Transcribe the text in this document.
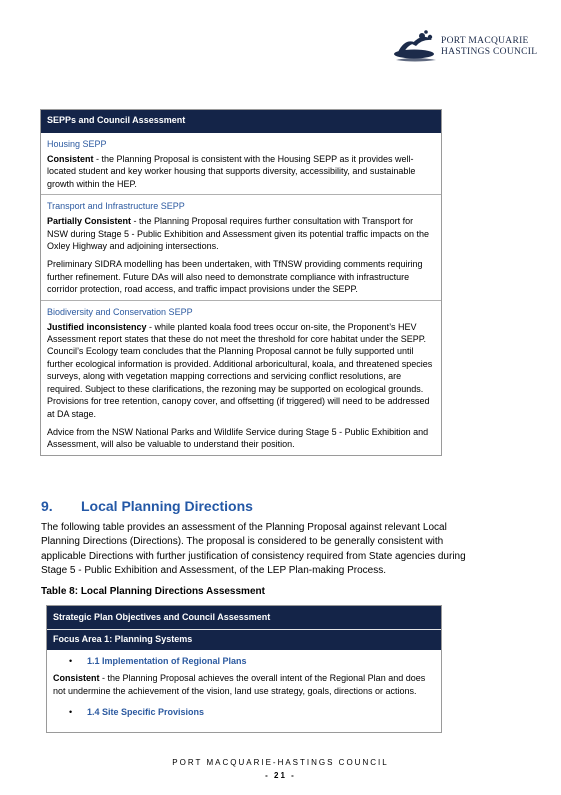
PORT MACQUARIE
HASTINGS COUNCIL
SEPPs and Council Assessment
Housing SEPP
Consistent - the Planning Proposal is consistent with the Housing SEPP as it provides well-located student and key worker housing that supports diversity, accessibility, and sustainable growth within the HEP.
Transport and Infrastructure SEPP
Partially Consistent - the Planning Proposal requires further consultation with Transport for NSW during Stage 5 - Public Exhibition and Assessment given its potential traffic impacts on the Oxley Highway and adjoining intersections.
Preliminary SIDRA modelling has been undertaken, with TfNSW providing comments requiring further refinement. Future DAs will also need to demonstrate compliance with infrastructure corridor protection, road access, and traffic impact provisions under the SEPP.
Biodiversity and Conservation SEPP
Justified inconsistency - while planted koala food trees occur on-site, the Proponent’s HEV Assessment report states that these do not meet the threshold for core habitat under the SEPP. Council’s Ecology team concludes that the Planning Proposal cannot be fully supported until further ecological information is provided. Additional arboricultural, koala, and threatened species surveys, along with vegetation mapping corrections and servicing conflict resolutions, are required. Subject to these clarifications, the rezoning may be supported on ecological grounds. Provisions for tree retention, canopy cover, and offsetting (if triggered) will need to be addressed at DA stage.
Advice from the NSW National Parks and Wildlife Service during Stage 5 - Public Exhibition and Assessment, will also be valuable to understand their position.
9. Local Planning Directions
The following table provides an assessment of the Planning Proposal against relevant Local Planning Directions (Directions). The proposal is considered to be generally consistent with applicable Directions with further justification of consistency required from State agencies during Stage 5 - Public Exhibition and Assessment, of the LEP Plan-making Process.
Table 8: Local Planning Directions Assessment
Strategic Plan Objectives and Council Assessment
Focus Area 1: Planning Systems
• 1.1 Implementation of Regional Plans
Consistent - the Planning Proposal achieves the overall intent of the Regional Plan and does not undermine the achievement of the vision, land use strategy, goals, directions or actions.
• 1.4 Site Specific Provisions
PORT MACQUARIE-HASTINGS COUNCIL
- 21 -
